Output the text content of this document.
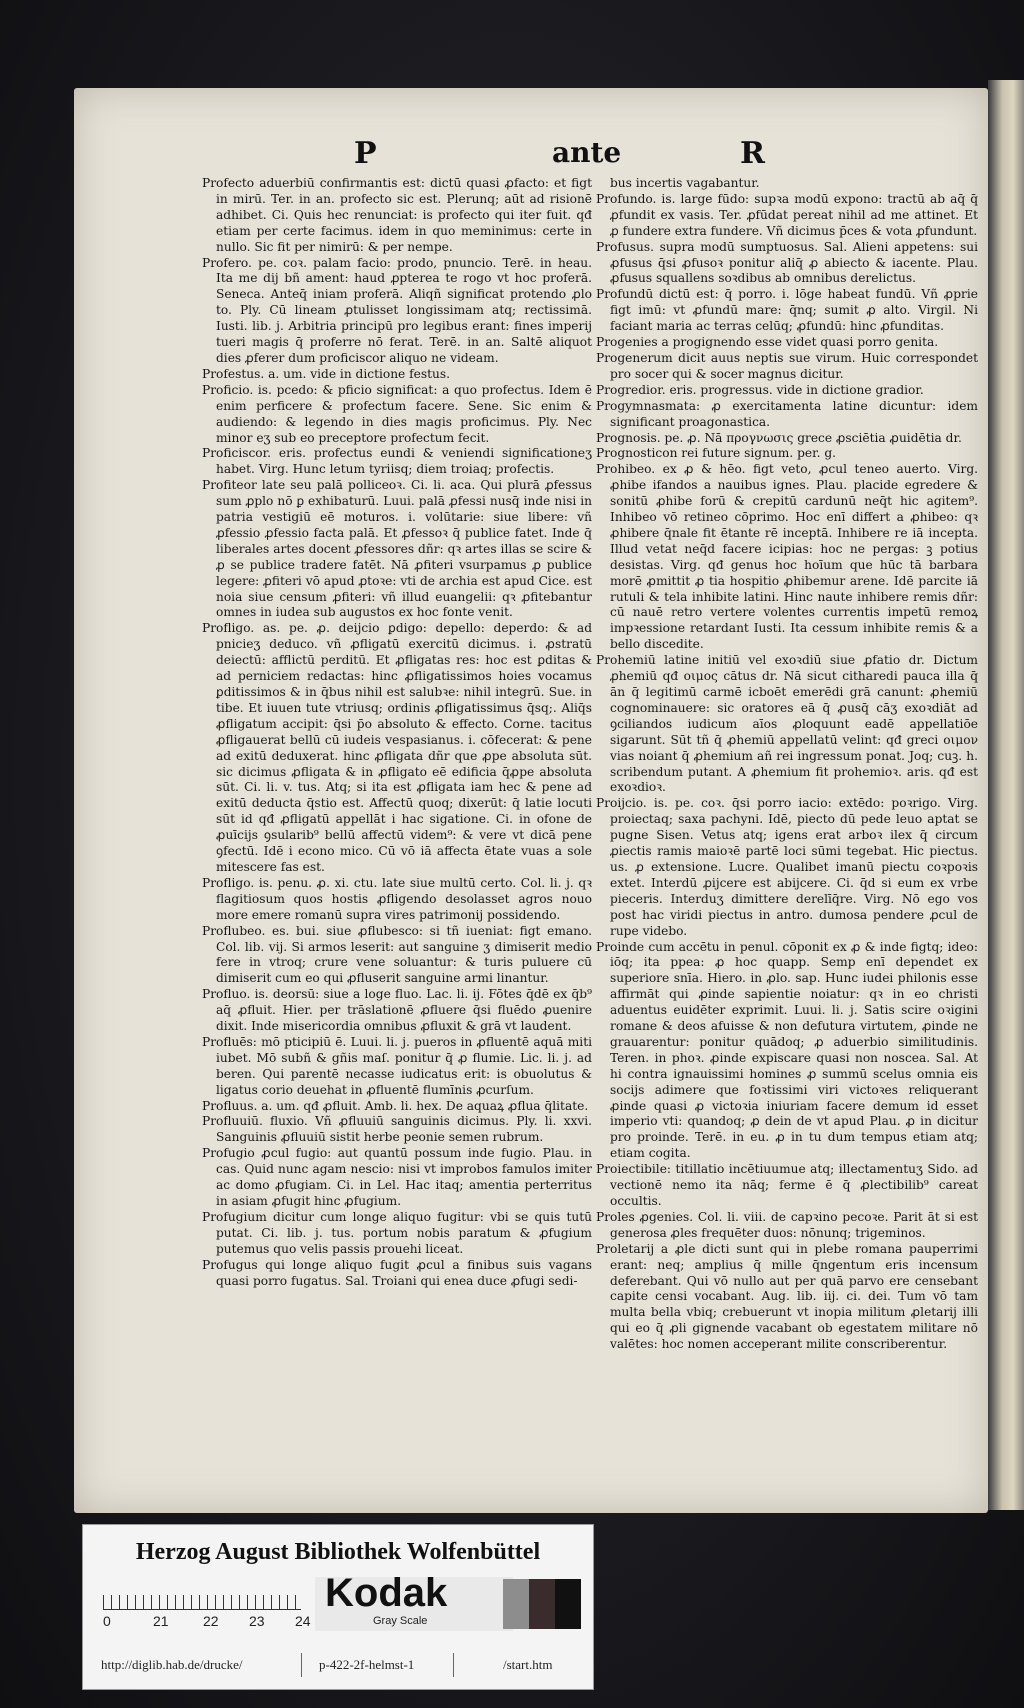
P	ante	R

Profecto aduerbiū confirmantis est: dictū quasi ꝓfacto: et figt in mirū. Ter. in an. profecto sic est. Plerunq; aūt ad risionē adhibet. Ci. Quis hec renunciat: is profecto qui iter fuit. qđ etiam per certe facimus. idem in quo meminimus: certe in nullo. Sic fit per nimirū: & per nempe.

Profero. pe. coꝛ. palam facio: prodo, pnuncio. Terē. in heau. Ita me dij bñ ament: haud ꝓpterea te rogo vt hoc proferā. Seneca. Anteq̄ iniam proferā. Aliqñ significat protendo ꝓlo to. Ply. Cū lineam ꝓtulisset longissimam atq; rectissimā. Iusti. lib. j. Arbitria principū pro legibus erant: fines imperij tueri magis q̄ proferre nō ferat. Terē. in an. Saltē aliquot dies ꝓferer dum proficiscor aliquo ne videam.

Profestus. a. um. vide in dictione festus.

Proficio. is. pcedo: & pficio significat: a quo profectus. Idem ē enim perficere & profectum facere. Sene. Sic enim & audiendo: & legendo in dies magis proficimus. Ply. Nec minor eʒ sub eo preceptore profectum fecit.

Proficiscor. eris. profectus eundi & veniendi significationeʒ habet. Virg. Hunc letum tyriisq; diem troiaq; profectis.

Profiteor late seu palā polliceoꝛ. Ci. li. aca. Qui plurā ꝓfessus sum ꝓplo nō ꝑ exhibaturū. Luui. palā ꝓfessi nusq̄ inde nisi in patria vestigiū eē moturos. i. volūtarie: siue libere: vñ ꝓfessio ꝓfessio facta palā. Et ꝓfessoꝛ q̄ publice fatet. Inde q̄ liberales artes docent ꝓfessores dñr: qꝛ artes illas se scire & ꝓ se publice tradere fatēt. Nā ꝓfiteri vsurpamus ꝓ publice legere: ꝓfiteri vō apud ꝓtoꝛe: vti de archia est apud Cice. est noia siue censum ꝓfiteri: vñ illud euangelii: qꝛ ꝓfitebantur omnes in iudea sub augustos ex hoc fonte venit.

Profligo. as. pe. ꝓ. deijcio ꝑdigo: depello: deperdo: & ad pnicieʒ deduco. vñ ꝓfligatū exercitū dicimus. i. ꝓstratū deiectū: afflictū perditū. Et ꝓfligatas res: hoc est ꝑditas & ad perniciem redactas: hinc ꝓfligatissimos hoies vocamus ꝑditissimos & in q̄bus nihil est salubꝛe: nihil integrū. Sue. in tibe. Et iuuen tute vtriusq; ordinis ꝓfligatissimus q̄sq;. Aliq̄s ꝓfligatum accipit: q̄si p̄o absoluto & effecto. Corne. tacitus ꝓfligauerat bellū cū iudeis vespasianus. i. cōfecerat: & pene ad exitū deduxerat. hinc ꝓfligata dñr que ꝓpe absoluta sūt. sic dicimus ꝓfligata & in ꝓfligato eē edificia q̄ꝓpe absoluta sūt. Ci. li. v. tus. Atq; si ita est ꝓfligata iam hec & pene ad exitū deducta q̄stio est. Affectū quoq; dixerūt: q̄ latie locuti sūt id qđ ꝓfligatū appellāt i hac sigatione. Ci. in ofone de ꝓuīcijs ꝯsularib⁹ bellū affectū videm⁹: & vere vt dicā pene ꝯfectū. Idē i econo mico. Cū vō iā affecta ētate vuas a sole mitescere fas est.

Profligo. is. penu. ꝓ. xi. ctu. late siue multū certo. Col. li. j. qꝛ flagitiosum quos hostis ꝓfligendo desolasset agros nouo more emere romanū supra vires patrimonij possidendo.

Proflubeo. es. bui. siue ꝓflubesco: si tñ iueniat: figt emano. Col. lib. vij. Si armos leserit: aut sanguine ʒ dimiserit medio fere in vtroq; crure vene soluantur: & turis puluere cū dimiserit cum eo qui ꝓfluserit sanguine armi linantur.

Profluo. is. deorsū: siue a loge fluo. Lac. li. ij. Fōtes q̄dē ex q̄b⁹ aq̄ ꝓfluit. Hier. per trāslationē ꝓfluere q̄si fluēdo ꝓuenire dixit. Inde misericordia omnibus ꝓfluxit & grā vt laudent.

Profluēs: mō pticipiū ē. Luui. li. j. pueros in ꝓfluentē aquā miti iubet. Mō subñ & gñis maſ. ponitur q̄ ꝓ flumie. Lic. li. j. ad beren. Qui parentē necasse iudicatus erit: is obuolutus & ligatus corio deuehat in ꝓfluentē flumīnis ꝓcurſum.

Profluus. a. um. qđ ꝓfluit. Amb. li. hex. De aquaꝝ ꝓflua q̄litate.

Profluuiū. fluxio. Vñ ꝓfluuiū sanguinis dicimus. Ply. li. xxvi. Sanguinis ꝓfluuiū sistit herbe peonie semen rubrum.

Profugio ꝓcul fugio: aut quantū possum inde fugio. Plau. in cas. Quid nunc agam nescio: nisi vt improbos famulos imiter ac domo ꝓfugiam. Ci. in Lel. Hac itaq; amentia perterritus in asiam ꝓfugit hinc ꝓfugium.

Profugium dicitur cum longe aliquo fugitur: vbi se quis tutū putat. Ci. lib. j. tus. portum nobis paratum & ꝓfugium putemus quo velis passis prouehi liceat.

Profugus qui longe aliquo fugit ꝓcul a finibus suis vagans quasi porro fugatus. Sal. Troiani qui enea duce ꝓfugi sedi-

bus incertis vagabantur.

Profundo. is. large fūdo: supꝛa modū expono: tractū ab aq̄ q̄ ꝓfundit ex vasis. Ter. ꝓfūdat pereat nihil ad me attinet. Et ꝓ fundere extra fundere. Vñ dicimus p̄ces & vota ꝓfundunt.

Profusus. supra modū sumptuosus. Sal. Alieni appetens: sui ꝓfusus q̄si ꝓfusoꝛ ponitur aliq̄ ꝓ abiecto & iacente. Plau. ꝓfusus squallens soꝛdibus ab omnibus derelictus.

Profundū dictū est: q̄ porro. i. lōge habeat fundū. Vñ ꝓprie figt imū: vt ꝓfundū mare: q̄nq; sumit ꝓ alto. Virgil. Ni faciant maria ac terras celūq; ꝓfundū: hinc ꝓfunditas.

Progenies a progignendo esse videt quasi porro genita.

Progenerum dicit auus neptis sue virum. Huic correspondet pro socer qui & socer magnus dicitur.

Progredior. eris. progressus. vide in dictione gradior.

Progymnasmata: ꝓ exercitamenta latine dicuntur: idem significant proagonastica.

Prognosis. pe. ꝓ. Nā προγνωσις grece ꝓsciētia ꝓuidētia dr.

Prognosticon rei future signum. per. g.

Prohibeo. ex ꝓ & hēo. figt veto, ꝓcul teneo auerto. Virg. ꝓhibe ifandos a nauibus ignes. Plau. placide egredere & sonitū ꝓhibe forū & crepitū cardunū neq̄t hic agitem⁹. Inhibeo vō retineo cōprimo. Hoc enī differt a ꝓhibeo: qꝛ ꝓhibere q̄nale fit ētante rē inceptā. Inhibere re iā incepta. Illud vetat neq̄d facere icipias: hoc ne pergas: ꝫ potius desistas. Virg. qđ genus hoc hoīum que hūc tā barbara morē ꝓmittit ꝓ tia hospitio ꝓhibemur arene. Idē parcite iā rutuli & tela inhibite latini. Hinc naute inhibere remis dñr: cū nauē retro vertere volentes currentis impetū remoꝝ impꝛessione retardant Iusti. Ita cessum inhibite remis & a bello discedite.

Prohemiū latine initiū vel exoꝛdiū siue ꝓfatio dr. Dictum ꝓhemiū qđ οιμος cātus dr. Nā sicut citharedi pauca illa q̄ ān q̄ legitimū carmē icboēt emerēdi grā canunt: ꝓhemiū cognominauere: sic oratores eā q̄ ꝓusq̄ cāʒ exoꝛdiāt ad ꝯciliandos iudicum aīos ꝓloquunt eadē appellatiōe sigarunt. Sūt tñ q̄ ꝓhemiū appellatū velint: qđ greci οιμον vias noiant q̄ ꝓhemium añ rei ingressum ponat. Joq; cuꝫ. h. scribendum putant. A ꝓhemium fit prohemioꝛ. aris. qđ est exoꝛdioꝛ.

Proijcio. is. pe. coꝛ. q̄si porro iacio: extēdo: poꝛrigo. Virg. proiectaq; saxa pachyni. Idē, piecto dū pede leuo aptat se pugne Sisen. Vetus atq; igens erat arboꝛ ilex q̄ circum ꝓiectis ramis maioꝛē partē loci sūmi tegebat. Hic piectus. us. ꝓ extensione. Lucre. Qualibet imanū piectu coꝛpoꝛis extet. Interdū ꝓijcere est abijcere. Ci. q̄d si eum ex vrbe pieceris. Interduʒ dimittere derelīq̄re. Virg. Nō ego vos post hac viridi piectus in antro. dumosa pendere ꝓcul de rupe videbo.

Proinde cum accētu in penul. cōponit ex ꝓ & inde figtq; ideo: iōq; ita ppea: ꝓ hoc quapp. Semp enī dependet ex superiore snīa. Hiero. in ꝓlo. sap. Hunc iudei philonis esse affirmāt qui ꝓinde sapientie noiatur: qꝛ in eo christi aduentus euidēter exprimit. Luui. li. j. Satis scire oꝛigini romane & deos afuisse & non defutura virtutem, ꝓinde ne grauarentur: ponitur quādoq; ꝓ aduerbio similitudinis. Teren. in phoꝛ. ꝓinde expiscare quasi non noscea. Sal. At hi contra ignauissimi homines ꝓ summū scelus omnia eis socijs adimere que foꝛtissimi viri victoꝛes reliquerant ꝓinde quasi ꝓ victoꝛia iniuriam facere demum id esset imperio vti: quandoq; ꝓ dein de vt apud Plau. ꝓ in dicitur pro proinde. Terē. in eu. ꝓ in tu dum tempus etiam atq; etiam cogita.

Proiectibile: titillatio incētiuumue atq; illectamentuʒ Sido. ad vectionē nemo ita nāq; ferme ē q̄ ꝓlectibilib⁹ careat occultis.

Proles ꝓgenies. Col. li. viii. de capꝛino pecoꝛe. Parit āt si est generosa ꝓles frequēter duos: nōnunq; trigeminos.

Proletarij a ꝓle dicti sunt qui in plebe romana pauperrimi erant: neq; amplius q̄ mille q̄ngentum eris incensum deferebant. Qui vō nullo aut per quā parvo ere censebant capite censi vocabant. Aug. lib. iij. ci. dei. Tum vō tam multa bella vbiq; crebuerunt vt inopia militum ꝓletarij illi qui eo q̄ ꝓli gignende vacabant ob egestatem militare nō valētes: hoc nomen acceperant milite conscriberentur.

Herzog August Bibliothek Wolfenbüttel
0	21 22 23 24
Kodak
Gray Scale
http://diglib.hab.de/drucke/	p-422-2f-helmst-1	/start.htm
